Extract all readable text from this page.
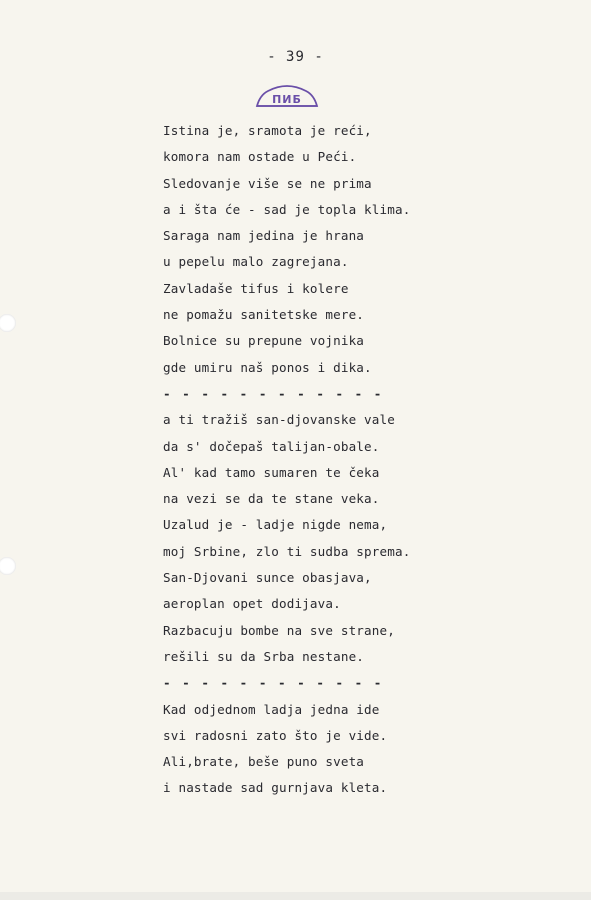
- 39 -
ПИБ
Istina je, sramota je reći,
komora nam ostade u Peći.
Sledovanje više se ne prima
a i šta će - sad je topla klima.
Saraga nam jedina je hrana
u pepelu malo zagrejana.
Zavladaše tifus i kolere
ne pomažu sanitetske mere.
Bolnice su prepune vojnika
gde umiru naš ponos i dika.
- - - - - - - - - - - -
a ti tražiš san-djovanske vale
da s' dočepaš talijan-obale.
Al' kad tamo sumaren te čeka
na vezi se da te stane veka.
Uzalud je - ladje nigde nema,
moj Srbine, zlo ti sudba sprema.
San-Djovani sunce obasjava,
aeroplan opet dodijava.
Razbacuju bombe na sve strane,
rešili su da Srba nestane.
- - - - - - - - - - - -
Kad odjednom ladja jedna ide
svi radosni zato što je vide.
Ali,brate, beše puno sveta
i nastade sad gurnjava kleta.
